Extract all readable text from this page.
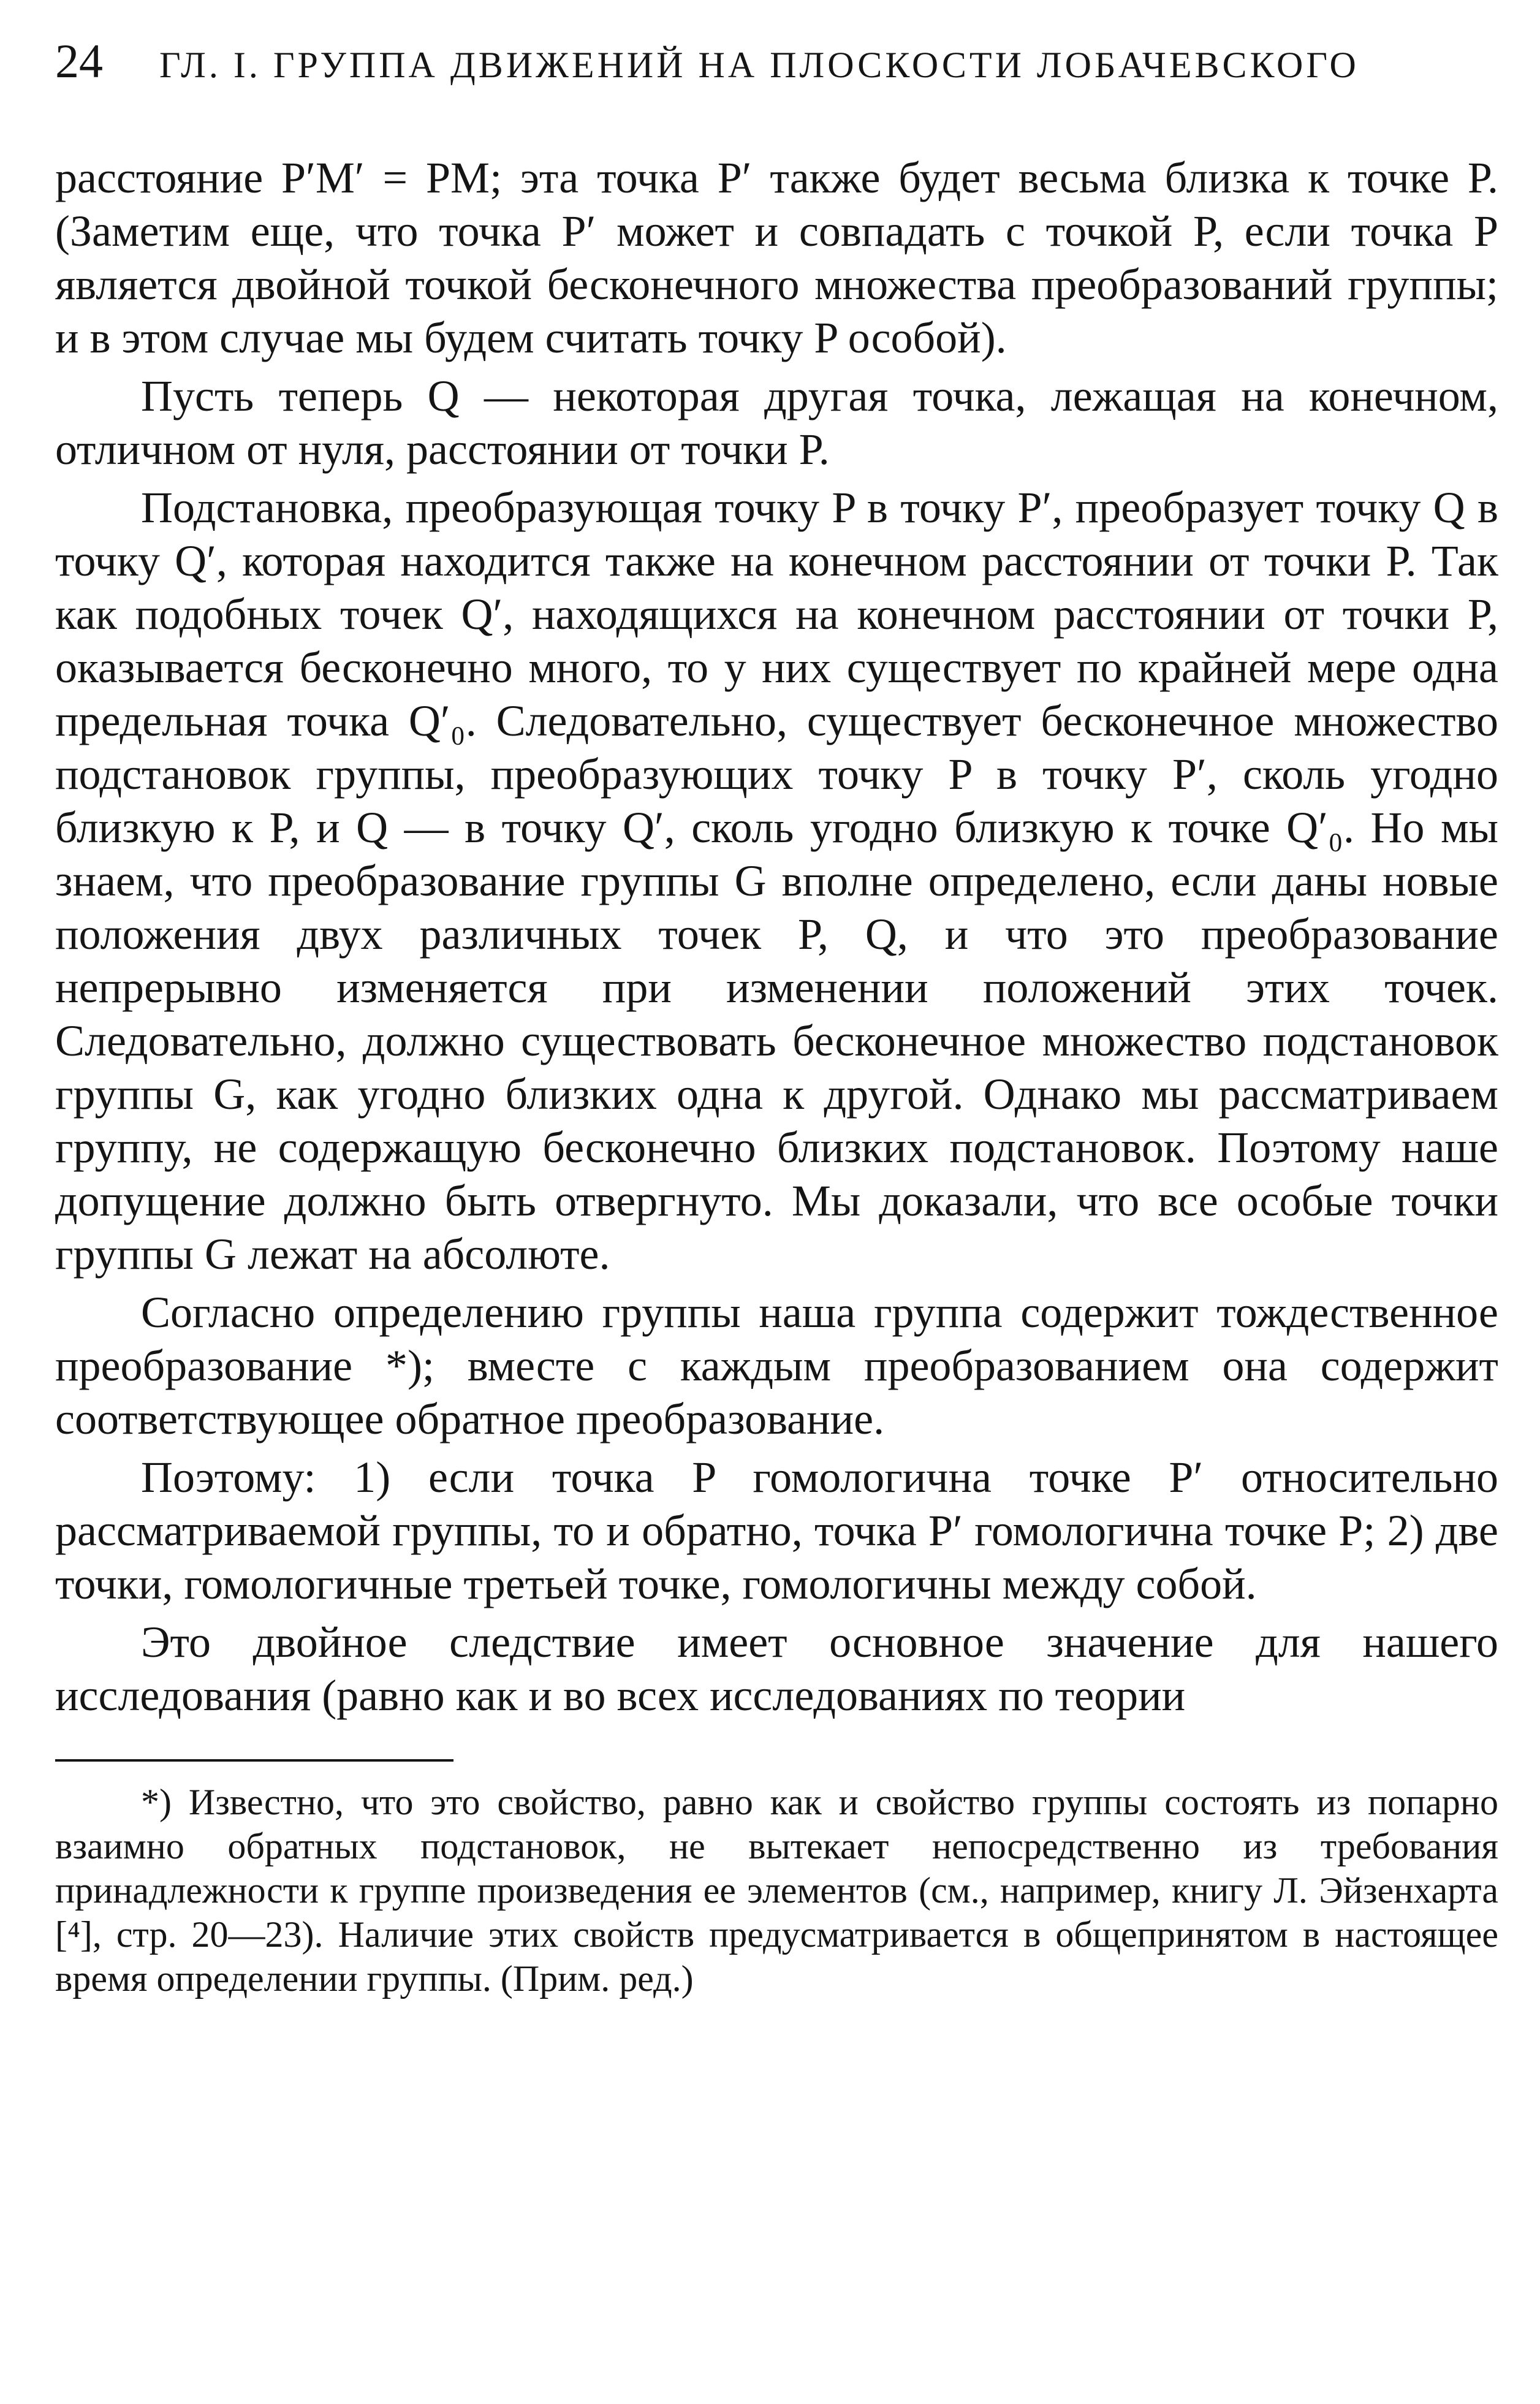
24	ГЛ. I. ГРУППА ДВИЖЕНИЙ НА ПЛОСКОСТИ ЛОБАЧЕВСКОГО

расстояние P′M′ = PM; эта точка P′ также будет весьма близка к точке P. (Заметим еще, что точка P′ может и совпадать с точкой P, если точка P является двойной точкой бесконечного множества преобразований группы; и в этом случае мы будем считать точку P особой).

Пусть теперь Q — некоторая другая точка, лежащая на конечном, отличном от нуля, расстоянии от точки P.

Подстановка, преобразующая точку P в точку P′, преобразует точку Q в точку Q′, которая находится также на конечном расстоянии от точки P. Так как подобных точек Q′, находящихся на конечном расстоянии от точки P, оказывается бесконечно много, то у них существует по крайней мере одна предельная точка Q′₀. Следовательно, существует бесконечное множество подстановок группы, преобразующих точку P в точку P′, сколь угодно близкую к P, и Q — в точку Q′, сколь угодно близкую к точке Q′₀. Но мы знаем, что преобразование группы G вполне определено, если даны новые положения двух различных точек P, Q, и что это преобразование непрерывно изменяется при изменении положений этих точек. Следовательно, должно существовать бесконечное множество подстановок группы G, как угодно близких одна к другой. Однако мы рассматриваем группу, не содержащую бесконечно близких подстановок. Поэтому наше допущение должно быть отвергнуто. Мы доказали, что все особые точки группы G лежат на абсолюте.

Согласно определению группы наша группа содержит тождественное преобразование *); вместе с каждым преобразованием она содержит соответствующее обратное преобразование.

Поэтому: 1) если точка P гомологична точке P′ относительно рассматриваемой группы, то и обратно, точка P′ гомологична точке P; 2) две точки, гомологичные третьей точке, гомологичны между собой.

Это двойное следствие имеет основное значение для нашего исследования (равно как и во всех исследованиях по теории

*) Известно, что это свойство, равно как и свойство группы состоять из попарно взаимно обратных подстановок, не вытекает непосредственно из требования принадлежности к группе произведения ее элементов (см., например, книгу Л. Эйзенхарта [⁴], стр. 20—23). Наличие этих свойств предусматривается в общепринятом в настоящее время определении группы. (Прим. ред.)
